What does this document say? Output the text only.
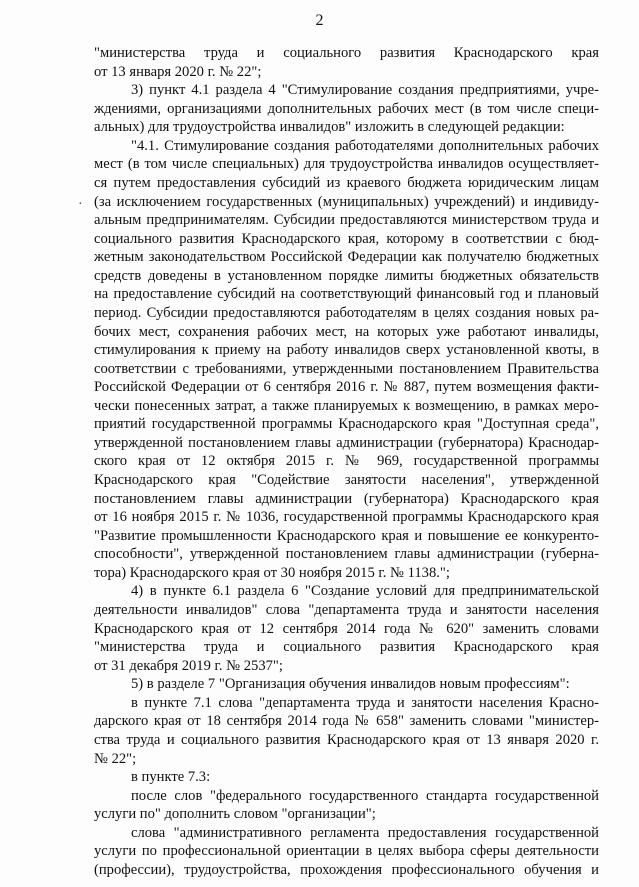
2
·
"министерства труда и социального развития Краснодарского края
от 13 января 2020 г. № 22";
3) пункт 4.1 раздела 4 "Стимулирование создания предприятиями, учре-
ждениями, организациями дополнительных рабочих мест (в том числе специ-
альных) для трудоустройства инвалидов" изложить в следующей редакции:
"4.1. Стимулирование создания работодателями дополнительных рабочих
мест (в том числе специальных) для трудоустройства инвалидов осуществляет-
ся путем предоставления субсидий из краевого бюджета юридическим лицам
(за исключением государственных (муниципальных) учреждений) и индивиду-
альным предпринимателям. Субсидии предоставляются министерством труда и
социального развития Краснодарского края, которому в соответствии с бюд-
жетным законодательством Российской Федерации как получателю бюджетных
средств доведены в установленном порядке лимиты бюджетных обязательств
на предоставление субсидий на соответствующий финансовый год и плановый
период. Субсидии предоставляются работодателям в целях создания новых ра-
бочих мест, сохранения рабочих мест, на которых уже работают инвалиды,
стимулирования к приему на работу инвалидов сверх установленной квоты, в
соответствии с требованиями, утвержденными постановлением Правительства
Российской Федерации от 6 сентября 2016 г. № 887, путем возмещения факти-
чески понесенных затрат, а также планируемых к возмещению, в рамках меро-
приятий государственной программы Краснодарского края "Доступная среда",
утвержденной постановлением главы администрации (губернатора) Краснодар-
ского края от 12 октября 2015 г. № 969, государственной программы
Краснодарского края "Содействие занятости населения", утвержденной
постановлением главы администрации (губернатора) Краснодарского края
от 16 ноября 2015 г. № 1036, государственной программы Краснодарского края
"Развитие промышленности Краснодарского края и повышение ее конкуренто-
способности", утвержденной постановлением главы администрации (губерна-
тора) Краснодарского края от 30 ноября 2015 г. № 1138.";
4) в пункте 6.1 раздела 6 "Создание условий для предпринимательской
деятельности инвалидов" слова "департамента труда и занятости населения
Краснодарского края от 12 сентября 2014 года № 620" заменить словами
"министерства труда и социального развития Краснодарского края
от 31 декабря 2019 г. № 2537";
5) в разделе 7 "Организация обучения инвалидов новым профессиям":
в пункте 7.1 слова "департамента труда и занятости населения Красно-
дарского края от 18 сентября 2014 года № 658" заменить словами "министер-
ства труда и социального развития Краснодарского края от 13 января 2020 г.
№ 22";
в пункте 7.3:
после слов "федерального государственного стандарта государственной
услуги по" дополнить словом "организации";
слова "административного регламента предоставления государственной
услуги по профессиональной ориентации в целях выбора сферы деятельности
(профессии), трудоустройства, прохождения профессионального обучения и
